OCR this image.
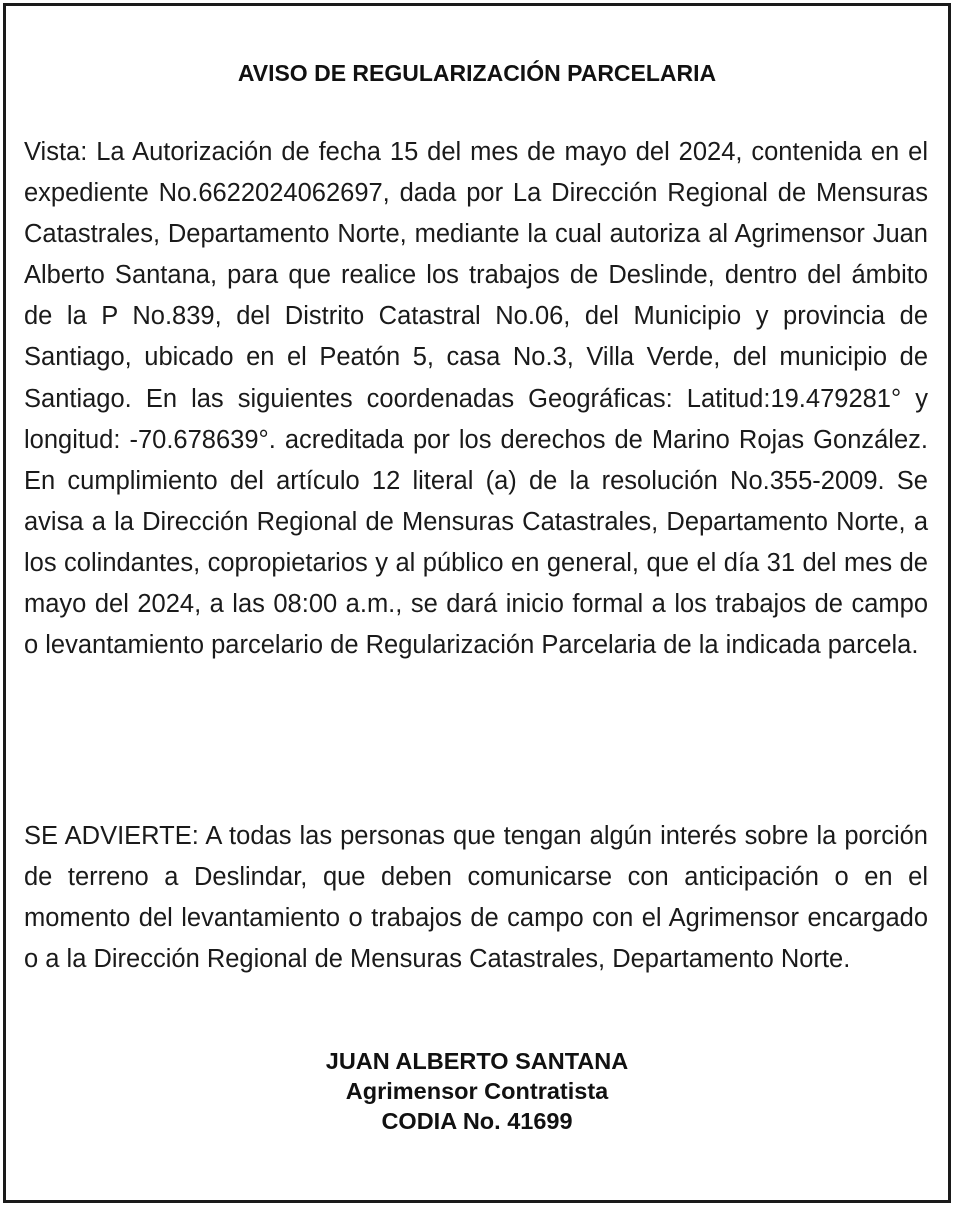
AVISO DE REGULARIZACIÓN PARCELARIA

Vista: La Autorización de fecha 15 del mes de mayo del 2024, contenida en el expediente No.6622024062697, dada por La Dirección Regional de Mensuras Catastrales, Departamento Norte, mediante la cual autoriza al Agrimensor Juan Alberto Santana, para que realice los trabajos de Deslinde, dentro del ámbito de la P No.839, del Distrito Catastral No.06, del Municipio y provincia de Santiago, ubicado en el Peatón 5, casa No.3, Villa Verde, del municipio de Santiago. En las siguientes coordenadas Geográficas: Latitud:19.479281° y longitud: -70.678639°. acreditada por los derechos de Marino Rojas González. En cumplimiento del artículo 12 literal (a) de la resolución No.355-2009. Se avisa a la Dirección Regional de Mensuras Catastrales, Departamento Norte, a los colindantes, copropietarios y al público en general, que el día 31 del mes de mayo del 2024, a las 08:00 a.m., se dará inicio formal a los trabajos de campo o levantamiento parcelario de Regularización Parcelaria de la indicada parcela.

SE ADVIERTE: A todas las personas que tengan algún interés sobre la porción de terreno a Deslindar, que deben comunicarse con anticipación o en el momento del levantamiento o trabajos de campo con el Agrimensor encargado o a la Dirección Regional de Mensuras Catastrales, Departamento Norte.

JUAN ALBERTO SANTANA
Agrimensor Contratista
CODIA No. 41699
